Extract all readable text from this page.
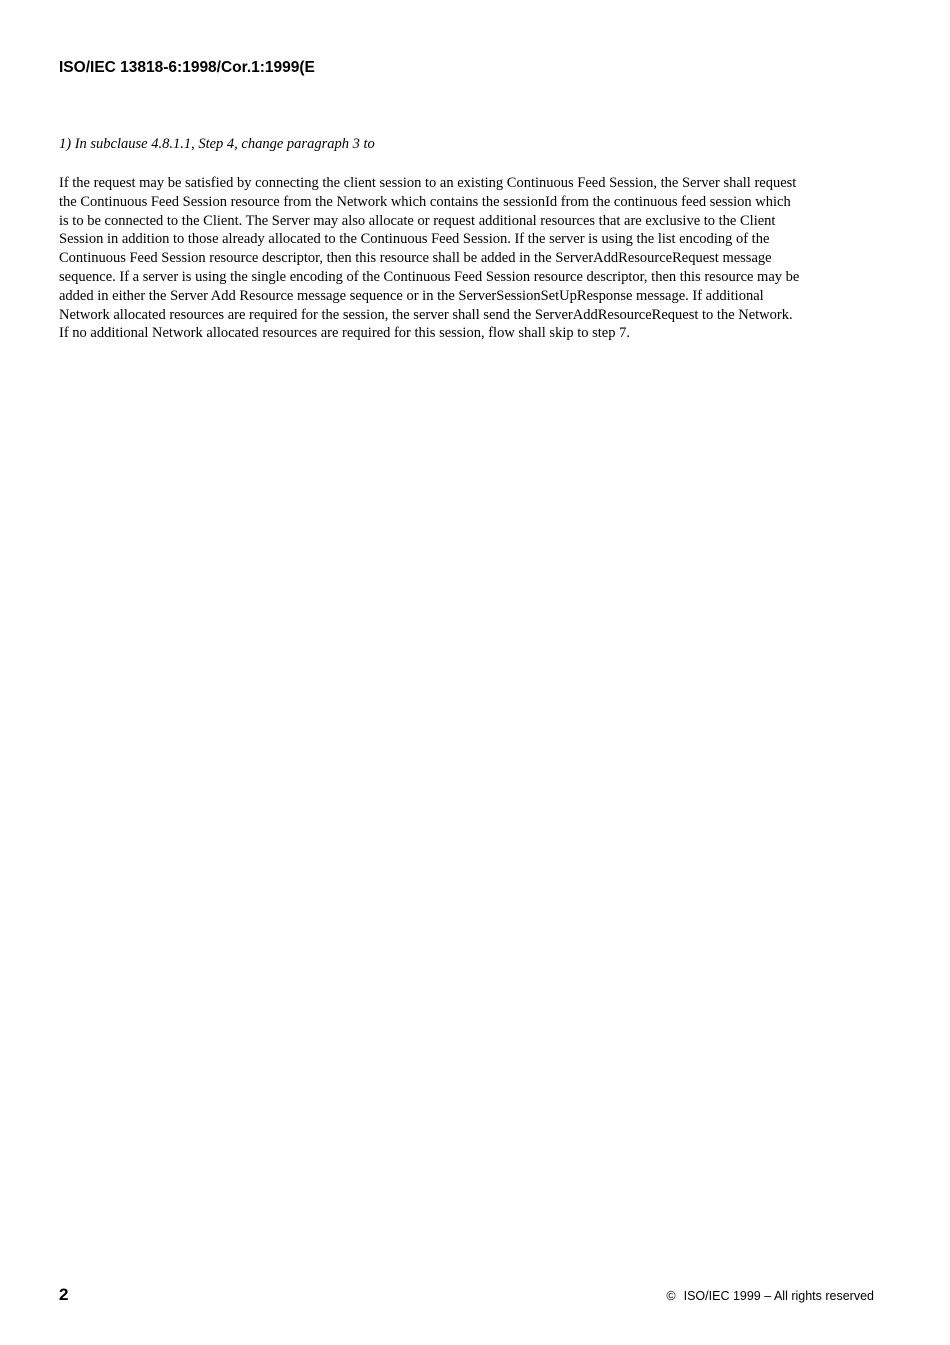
ISO/IEC 13818-6:1998/Cor.1:1999(E
1) In subclause 4.8.1.1, Step 4, change paragraph 3 to
If the request may be satisfied by connecting the client session to an existing Continuous Feed Session, the Server shall request
the Continuous Feed Session resource from the Network which contains the sessionId from the continuous feed session which
is to be connected to the Client. The Server may also allocate or request additional resources that are exclusive to the Client
Session in addition to those already allocated to the Continuous Feed Session. If the server is using the list encoding of the
Continuous Feed Session resource descriptor, then this resource shall be added in the ServerAddResourceRequest message
sequence. If a server is using the single encoding of the Continuous Feed Session resource descriptor, then this resource may be
added in either the Server Add Resource message sequence or in the ServerSessionSetUpResponse message. If additional
Network allocated resources are required for the session, the server shall send the ServerAddResourceRequest to the Network.
If no additional Network allocated resources are required for this session, flow shall skip to step 7.
2	© ISO/IEC 1999 – All rights reserved
